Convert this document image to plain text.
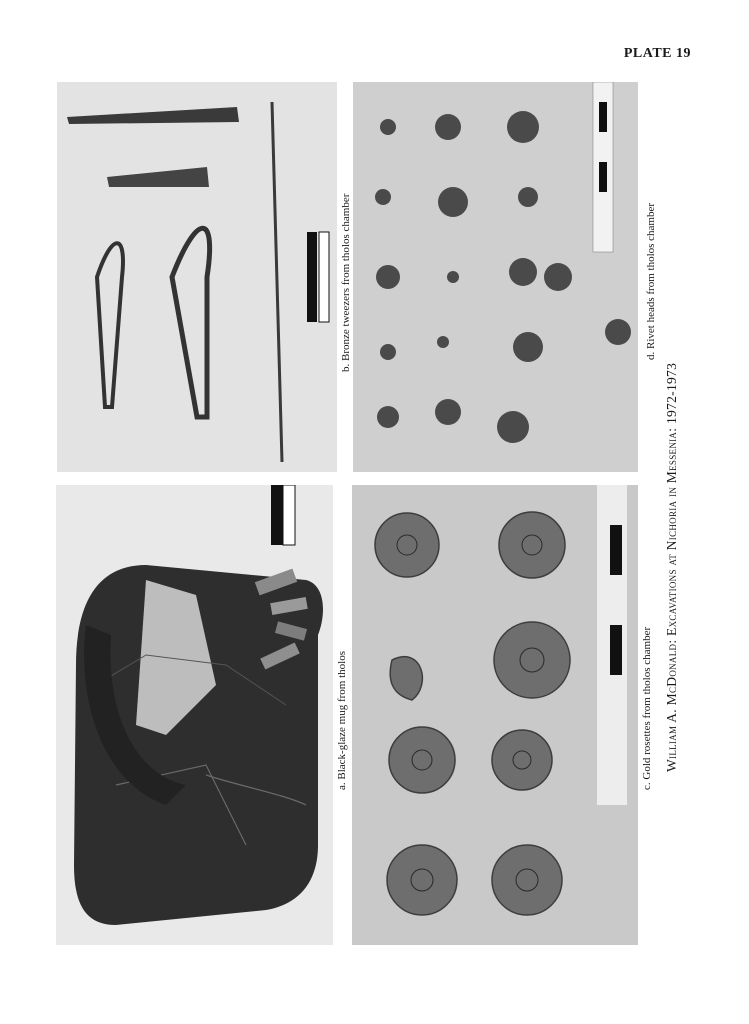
PLATE 19
a. Black-glaze mug from tholos
b. Bronze tweezers from tholos chamber
c. Gold rosettes from tholos chamber
d. Rivet heads from tholos chamber
William A. McDonald: Excavations at Nichoria in Messenia: 1972-1973
